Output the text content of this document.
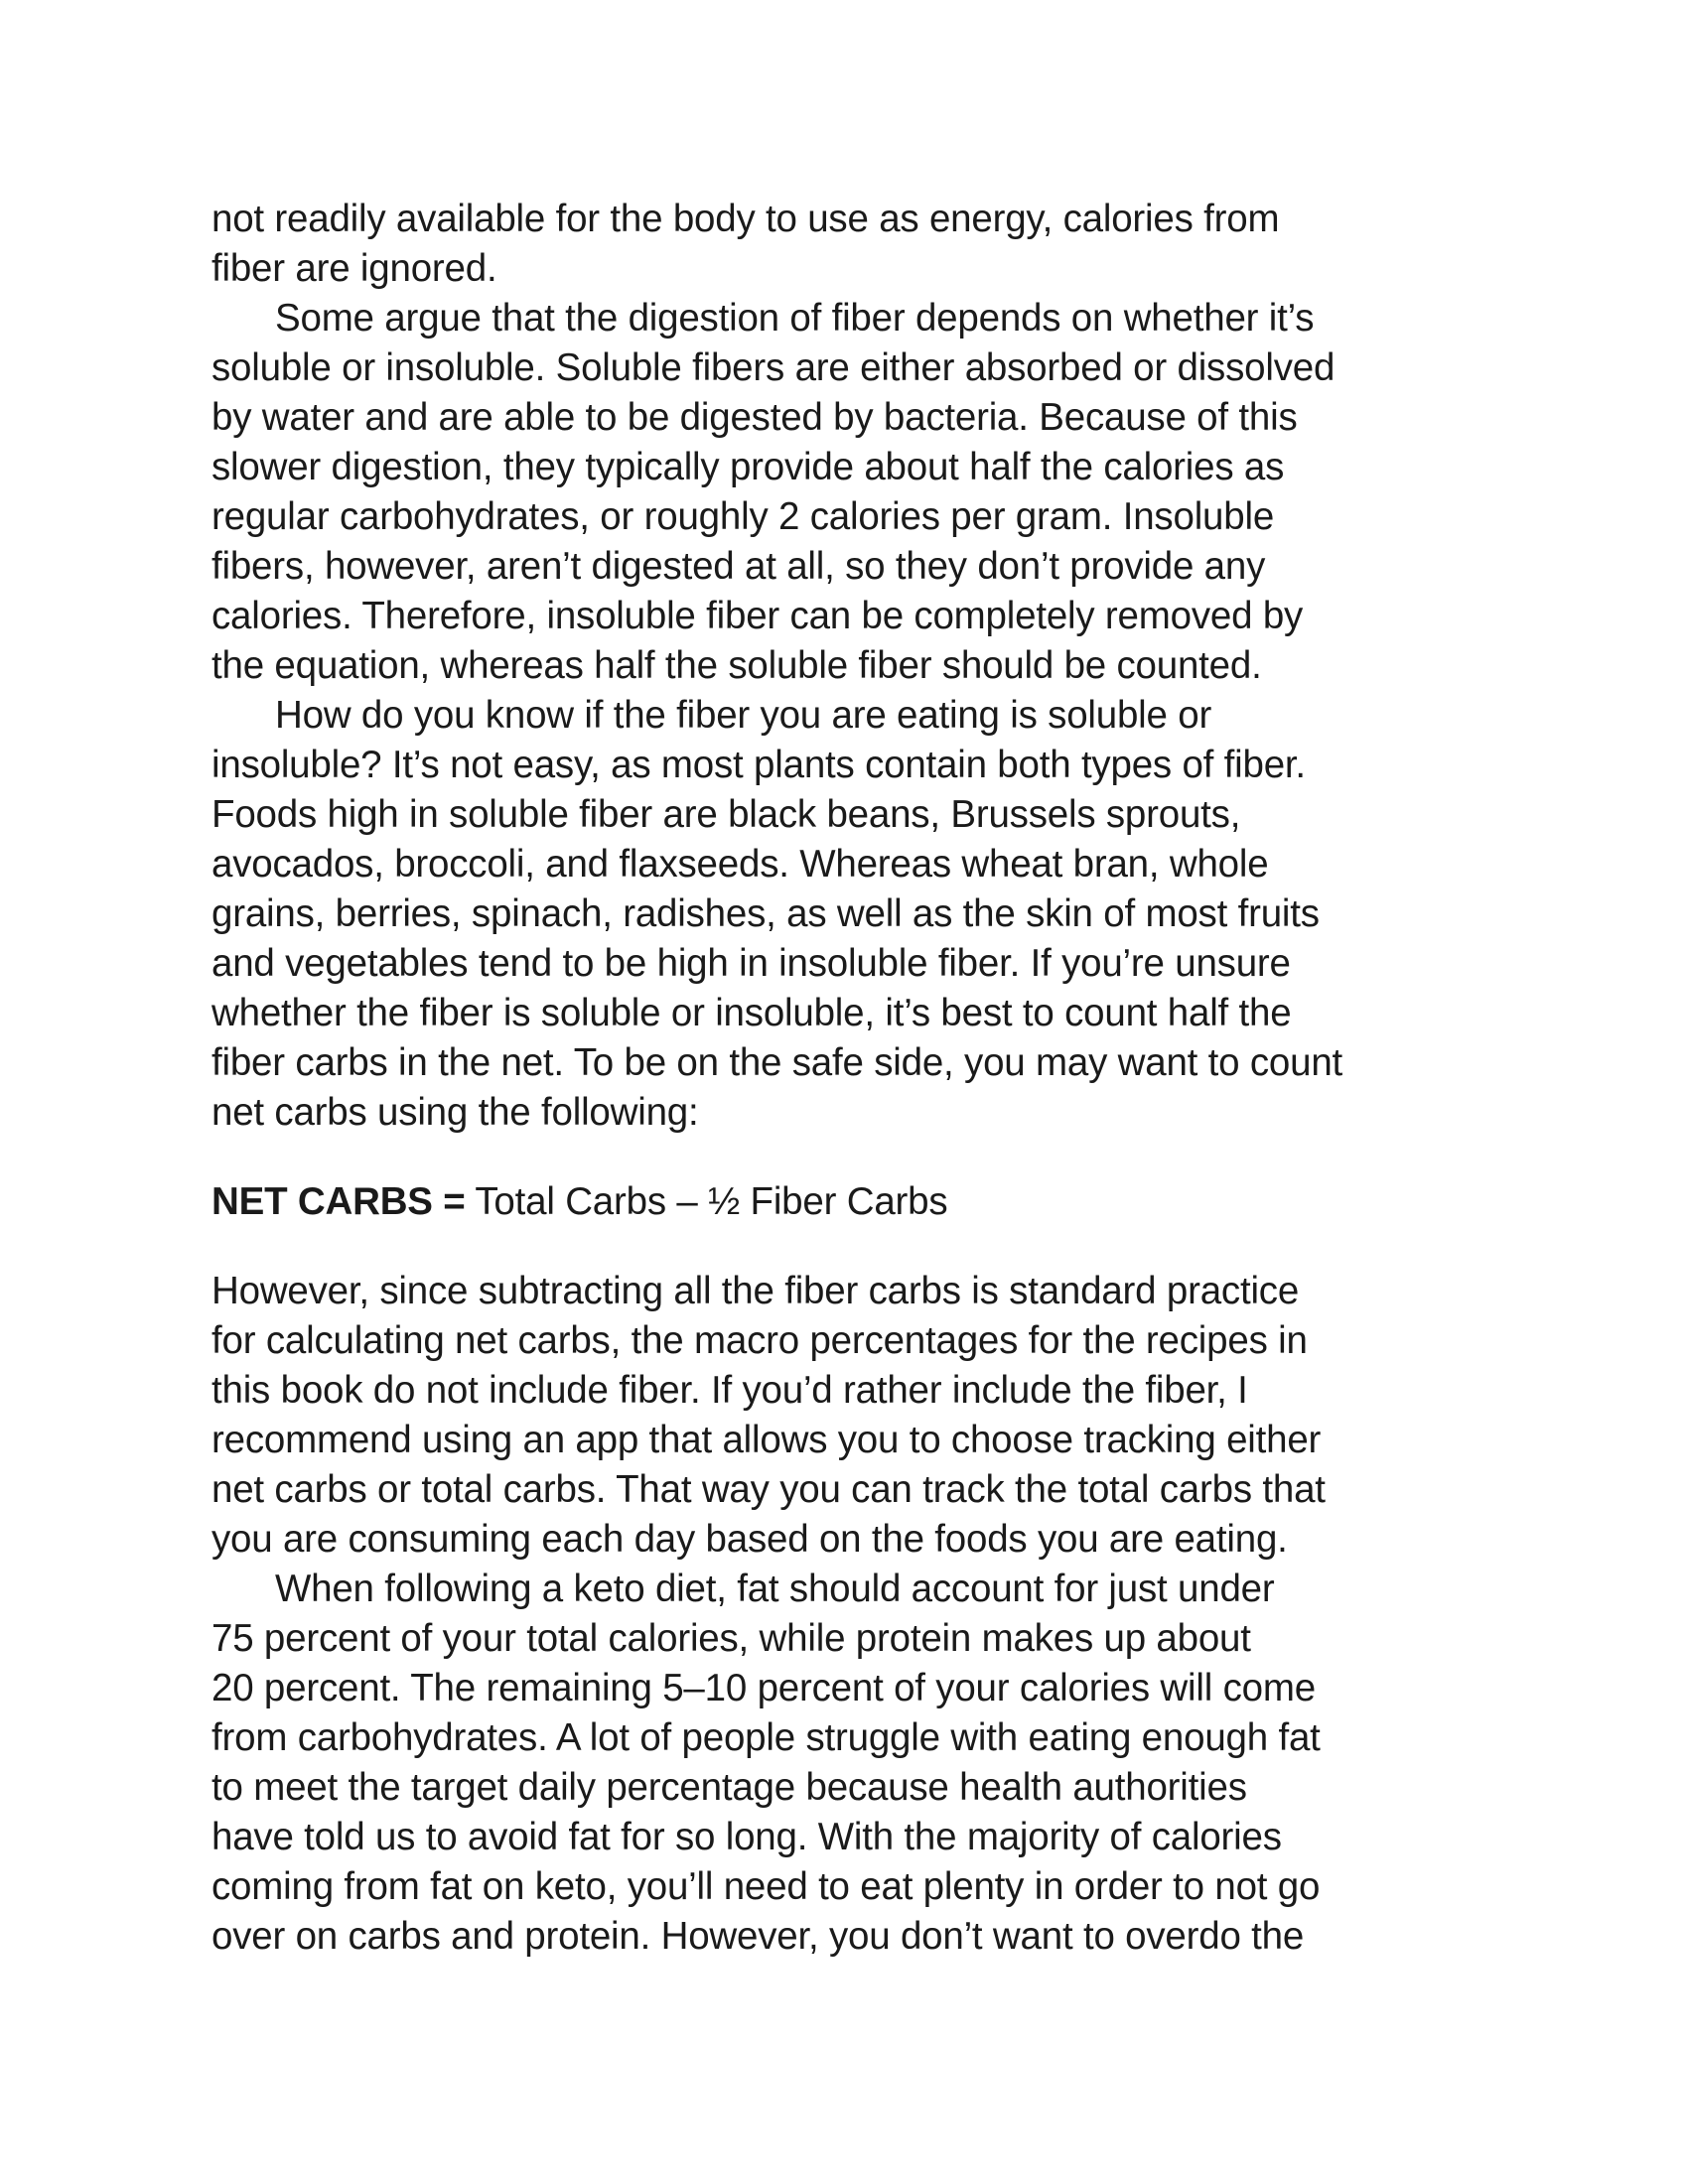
not readily available for the body to use as energy, calories from
fiber are ignored.
Some argue that the digestion of fiber depends on whether it’s
soluble or insoluble. Soluble fibers are either absorbed or dissolved
by water and are able to be digested by bacteria. Because of this
slower digestion, they typically provide about half the calories as
regular carbohydrates, or roughly 2 calories per gram. Insoluble
fibers, however, aren’t digested at all, so they don’t provide any
calories. Therefore, insoluble fiber can be completely removed by
the equation, whereas half the soluble fiber should be counted.
How do you know if the fiber you are eating is soluble or
insoluble? It’s not easy, as most plants contain both types of fiber.
Foods high in soluble fiber are black beans, Brussels sprouts,
avocados, broccoli, and flaxseeds. Whereas wheat bran, whole
grains, berries, spinach, radishes, as well as the skin of most fruits
and vegetables tend to be high in insoluble fiber. If you’re unsure
whether the fiber is soluble or insoluble, it’s best to count half the
fiber carbs in the net. To be on the safe side, you may want to count
net carbs using the following:
NET CARBS = Total Carbs – ½ Fiber Carbs
However, since subtracting all the fiber carbs is standard practice
for calculating net carbs, the macro percentages for the recipes in
this book do not include fiber. If you’d rather include the fiber, I
recommend using an app that allows you to choose tracking either
net carbs or total carbs. That way you can track the total carbs that
you are consuming each day based on the foods you are eating.
When following a keto diet, fat should account for just under
75 percent of your total calories, while protein makes up about
20 percent. The remaining 5–10 percent of your calories will come
from carbohydrates. A lot of people struggle with eating enough fat
to meet the target daily percentage because health authorities
have told us to avoid fat for so long. With the majority of calories
coming from fat on keto, you’ll need to eat plenty in order to not go
over on carbs and protein. However, you don’t want to overdo the
